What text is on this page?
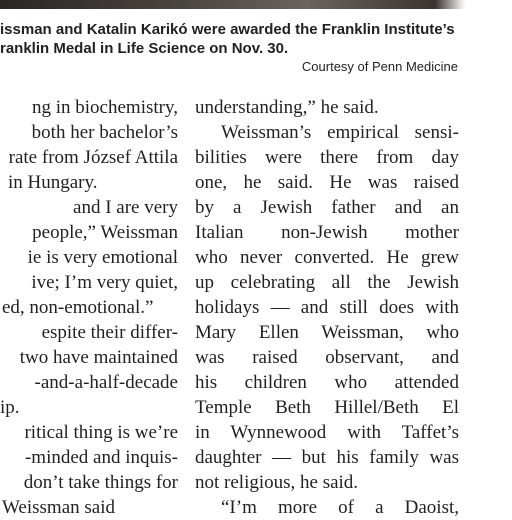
issman and Katalin Karikó were awarded the Franklin Institute’s
ranklin Medal in Life Science on Nov. 30.
Courtesy of Penn Medicine
ng in biochemistry,
both her bachelor’s
rate from József Attila
in Hungary.
and I are very
people,” Weissman
ie is very emotional
ive; I’m very quiet,
ed, non-emotional.”
espite their differ-
two have maintained
-and-a-half-decade
ip.
ritical thing is we’re
-minded and inquis-
don’t take things for
Weissman said
understanding,” he said.
Weissman’s empirical sensi-
bilities were there from day
one, he said. He was raised
by a Jewish father and an
Italian non-Jewish mother
who never converted. He grew
up celebrating all the Jewish
holidays — and still does with
Mary Ellen Weissman, who
was raised observant, and
his children who attended
Temple Beth Hillel/Beth El
in Wynnewood with Taffet’s
daughter — but his family was
not religious, he said.
“I’m more of a Daoist,
